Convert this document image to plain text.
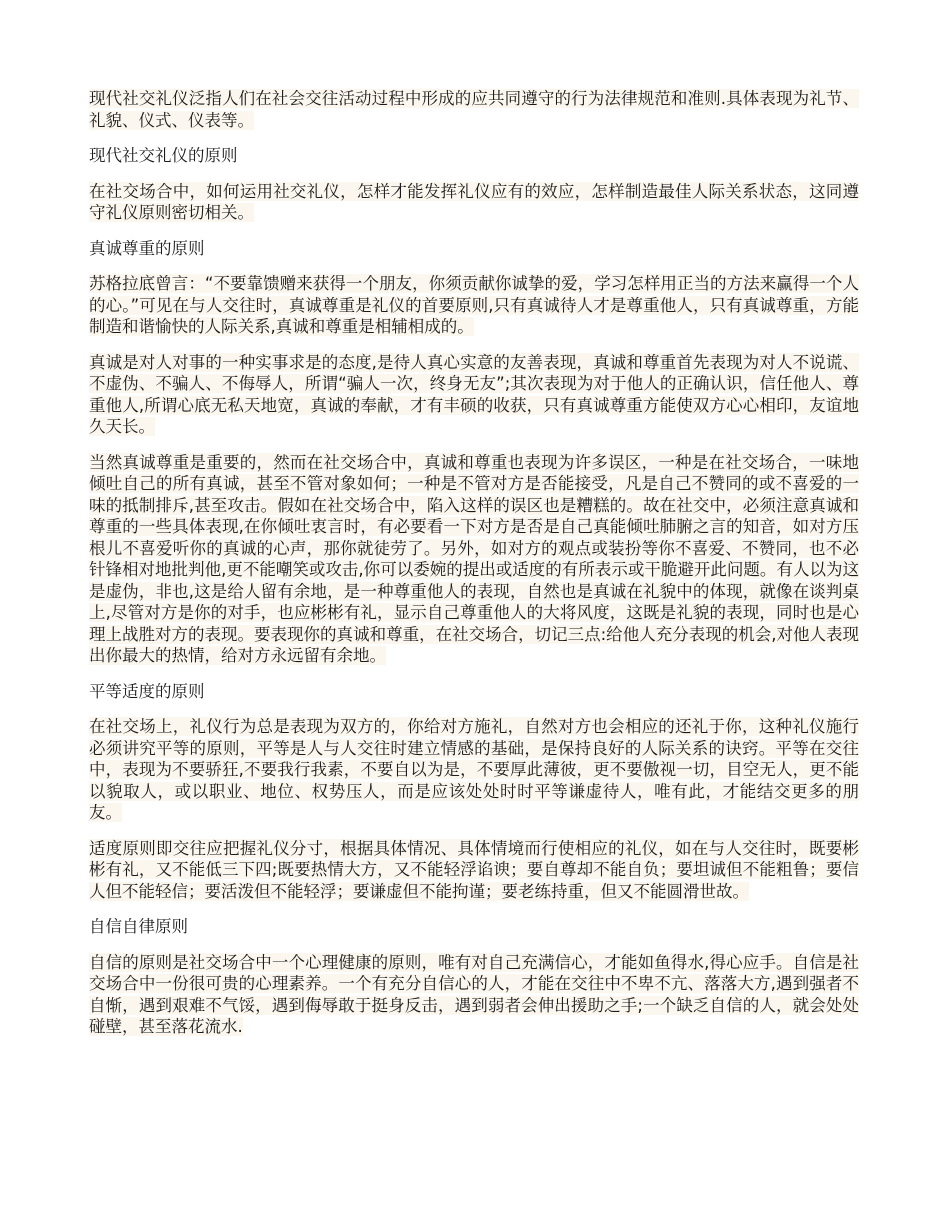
现代社交礼仪泛指人们在社会交往活动过程中形成的应共同遵守的行为法律规范和准则.具体表现为礼节、礼貌、仪式、仪表等。

现代社交礼仪的原则

在社交场合中，如何运用社交礼仪，怎样才能发挥礼仪应有的效应，怎样制造最佳人际关系状态，这同遵守礼仪原则密切相关。

真诚尊重的原则

苏格拉底曾言：“不要靠馈赠来获得一个朋友，你须贡献你诚挚的爱，学习怎样用正当的方法来赢得一个人的心。”可见在与人交往时，真诚尊重是礼仪的首要原则,只有真诚待人才是尊重他人，只有真诚尊重，方能制造和谐愉快的人际关系,真诚和尊重是相辅相成的。

真诚是对人对事的一种实事求是的态度,是待人真心实意的友善表现，真诚和尊重首先表现为对人不说谎、不虚伪、不骗人、不侮辱人，所谓“骗人一次，终身无友”;其次表现为对于他人的正确认识，信任他人、尊重他人,所谓心底无私天地宽，真诚的奉献，才有丰硕的收获，只有真诚尊重方能使双方心心相印，友谊地久天长。

当然真诚尊重是重要的，然而在社交场合中，真诚和尊重也表现为许多误区，一种是在社交场合，一味地倾吐自己的所有真诚，甚至不管对象如何；一种是不管对方是否能接受，凡是自己不赞同的或不喜爱的一味的抵制排斥,甚至攻击。假如在社交场合中，陷入这样的误区也是糟糕的。故在社交中，必须注意真诚和尊重的一些具体表现,在你倾吐衷言时，有必要看一下对方是否是自己真能倾吐肺腑之言的知音，如对方压根儿不喜爱听你的真诚的心声，那你就徒劳了。另外，如对方的观点或装扮等你不喜爱、不赞同，也不必针锋相对地批判他,更不能嘲笑或攻击,你可以委婉的提出或适度的有所表示或干脆避开此问题。有人以为这是虚伪，非也,这是给人留有余地，是一种尊重他人的表现，自然也是真诚在礼貌中的体现，就像在谈判桌上,尽管对方是你的对手，也应彬彬有礼，显示自己尊重他人的大将风度，这既是礼貌的表现，同时也是心理上战胜对方的表现。要表现你的真诚和尊重，在社交场合，切记三点:给他人充分表现的机会,对他人表现出你最大的热情，给对方永远留有余地。

平等适度的原则

在社交场上，礼仪行为总是表现为双方的，你给对方施礼，自然对方也会相应的还礼于你，这种礼仪施行必须讲究平等的原则，平等是人与人交往时建立情感的基础，是保持良好的人际关系的诀窍。平等在交往中，表现为不要骄狂,不要我行我素，不要自以为是，不要厚此薄彼，更不要傲视一切，目空无人，更不能以貌取人，或以职业、地位、权势压人，而是应该处处时时平等谦虚待人，唯有此，才能结交更多的朋友。

适度原则即交往应把握礼仪分寸，根据具体情况、具体情境而行使相应的礼仪，如在与人交往时，既要彬彬有礼，又不能低三下四;既要热情大方，又不能轻浮谄谀；要自尊却不能自负；要坦诚但不能粗鲁；要信人但不能轻信；要活泼但不能轻浮；要谦虚但不能拘谨；要老练持重，但又不能圆滑世故。

自信自律原则

自信的原则是社交场合中一个心理健康的原则，唯有对自己充满信心，才能如鱼得水,得心应手。自信是社交场合中一份很可贵的心理素养。一个有充分自信心的人，才能在交往中不卑不亢、落落大方,遇到强者不自惭，遇到艰难不气馁，遇到侮辱敢于挺身反击，遇到弱者会伸出援助之手;一个缺乏自信的人，就会处处碰壁，甚至落花流水.
